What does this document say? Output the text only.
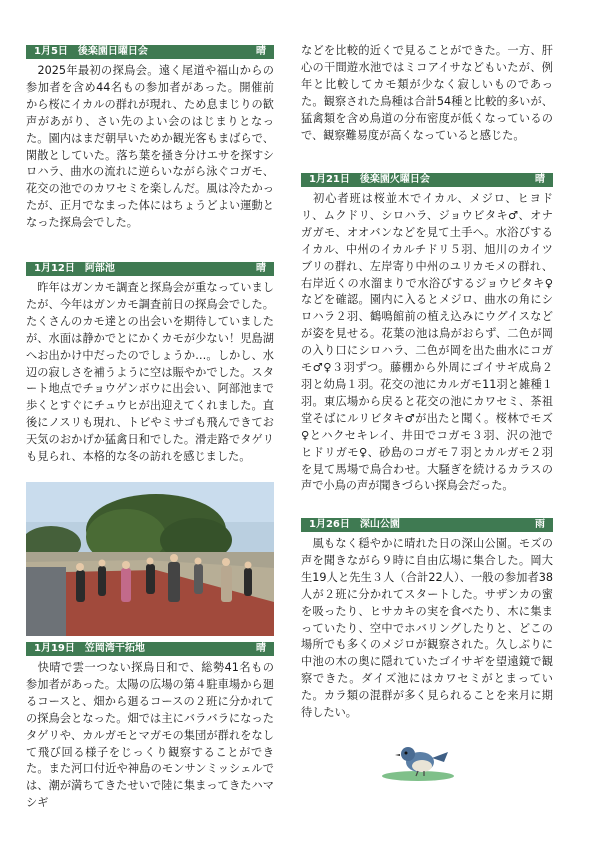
1月5日　 後楽園日曜日会	晴

　2025年最初の探鳥会。遠く尾道や福山からの参加者を含め44名もの参加者があった。開催前から桜にイカルの群れが現れ、ため息まじりの歓声があがり、さい先のよい会のはじまりとなった。園内はまだ朝早いためか観光客もまばらで、閑散としていた。落ち葉を掻き分けエサを探すシロハラ、曲水の流れに逆らいながら泳ぐコガモ、花交の池でのカワセミを楽しんだ。風は冷たかったが、正月でなまった体にはちょうどよい運動となった探鳥会でした。

1月12日　 阿部池	晴

　昨年はガンカモ調査と探鳥会が重なっていましたが、今年はガンカモ調査前日の探鳥会でした。たくさんのカモ達との出会いを期待していましたが、水面は静かでとにかくカモが少ない！児島湖へお出かけ中だったのでしょうか…。しかし、水辺の寂しさを補うように空は賑やかでした。スタート地点でチョウゲンボウに出会い、阿部池まで歩くとすぐにチュウヒが出迎えてくれました。直後にノスリも現れ、トビやミサゴも飛んできてお天気のおかげか猛禽日和でした。滑走路でタゲリも見られ、本格的な冬の訪れを感じました。

1月19日　 笠岡湾干拓地	晴

　快晴で雲一つない探鳥日和で、総勢41名もの参加者があった。太陽の広場の第４駐車場から廻るコースと、畑から廻るコースの２班に分かれての探鳥会となった。畑では主にバラバラになったタゲリや、カルガモとマガモの集団が群れをなして飛び回る様子をじっくり観察することができた。また河口付近や神島のモンサンミッシェルでは、潮が満ちてきたせいで陸に集まってきたハマシギ

などを比較的近くで見ることができた。一方、肝心の干間遊水池ではミコアイサなどもいたが、例年と比較してカモ類が少なく寂しいものであった。観察された鳥種は合計54種と比較的多いが、猛禽類を含め鳥道の分布密度が低くなっているので、観察難易度が高くなっていると感じた。

1月21日　 後楽園火曜日会	晴

　初心者班は桜並木でイカル、メジロ、ヒヨドリ、ムクドリ、シロハラ、ジョウビタキ♂、オナガガモ、オオバンなどを見て土手へ。水浴びするイカル、中州のイカルチドリ５羽、旭川のカイツブリの群れ、左岸寄り中州のユリカモメの群れ、右岸近くの水溜まりで水浴びするジョウビタキ♀などを確認。園内に入るとメジロ、曲水の角にシロハラ２羽、鶴鳴館前の植え込みにウグイスなどが姿を見せる。花葉の池は鳥がおらず、二色が岡の入り口にシロハラ、二色が岡を出た曲水にコガモ♂♀３羽ずつ。藤棚から外周にゴイサギ成鳥２羽と幼鳥１羽。花交の池にカルガモ11羽と雑種１羽。東広場から戻ると花交の池にカワセミ、茶祖堂そばにルリビタキ♂が出たと聞く。桜林でモズ♀とハクセキレイ、井田でコガモ３羽、沢の池でヒドリガモ♀、砂島のコガモ７羽とカルガモ２羽を見て馬場で鳥合わせ。大騒ぎを続けるカラスの声で小鳥の声が聞きづらい探鳥会だった。

1月26日　 深山公園	雨

　風もなく穏やかに晴れた日の深山公園。モズの声を聞きながら９時に自由広場に集合した。岡大生19人と先生３人（合計22人）、一般の参加者38人が２班に分かれてスタートした。サザンカの蜜を吸ったり、ヒサカキの実を食べたり、木に集まっていたり、空中でホバリングしたりと、どこの場所でも多くのメジロが観察された。久しぶりに中池の木の奥に隠れていたゴイサギを望遠鏡で観察できた。ダイズ池にはカワセミがとまっていた。カラ類の混群が多く見られることを来月に期待したい。
